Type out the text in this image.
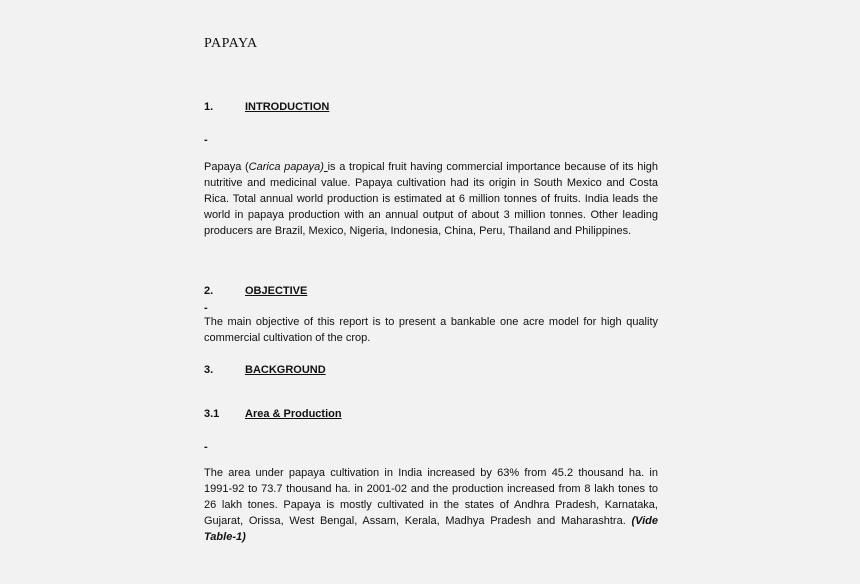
PAPAYA
1.	INTRODUCTION
-
Papaya (Carica papaya) is a tropical fruit having commercial importance because of its high nutritive and medicinal value. Papaya cultivation had its origin in South Mexico and Costa Rica. Total annual world production is estimated at 6 million tonnes of fruits. India leads the world in papaya production with an annual output of about 3 million tonnes. Other leading producers are Brazil, Mexico, Nigeria, Indonesia, China, Peru, Thailand and Philippines.
2.	OBJECTIVE
-
The main objective of this report is to present a bankable one acre model for high quality commercial cultivation of the crop.
3.	BACKGROUND
3.1 Area & Production
-
The area under papaya cultivation in India increased by 63% from 45.2 thousand ha. in 1991-92 to 73.7 thousand ha. in 2001-02 and the production increased from 8 lakh tones to 26 lakh tones. Papaya is mostly cultivated in the states of Andhra Pradesh, Karnataka, Gujarat, Orissa, West Bengal, Assam, Kerala, Madhya Pradesh and Maharashtra. (Vide Table-1)
